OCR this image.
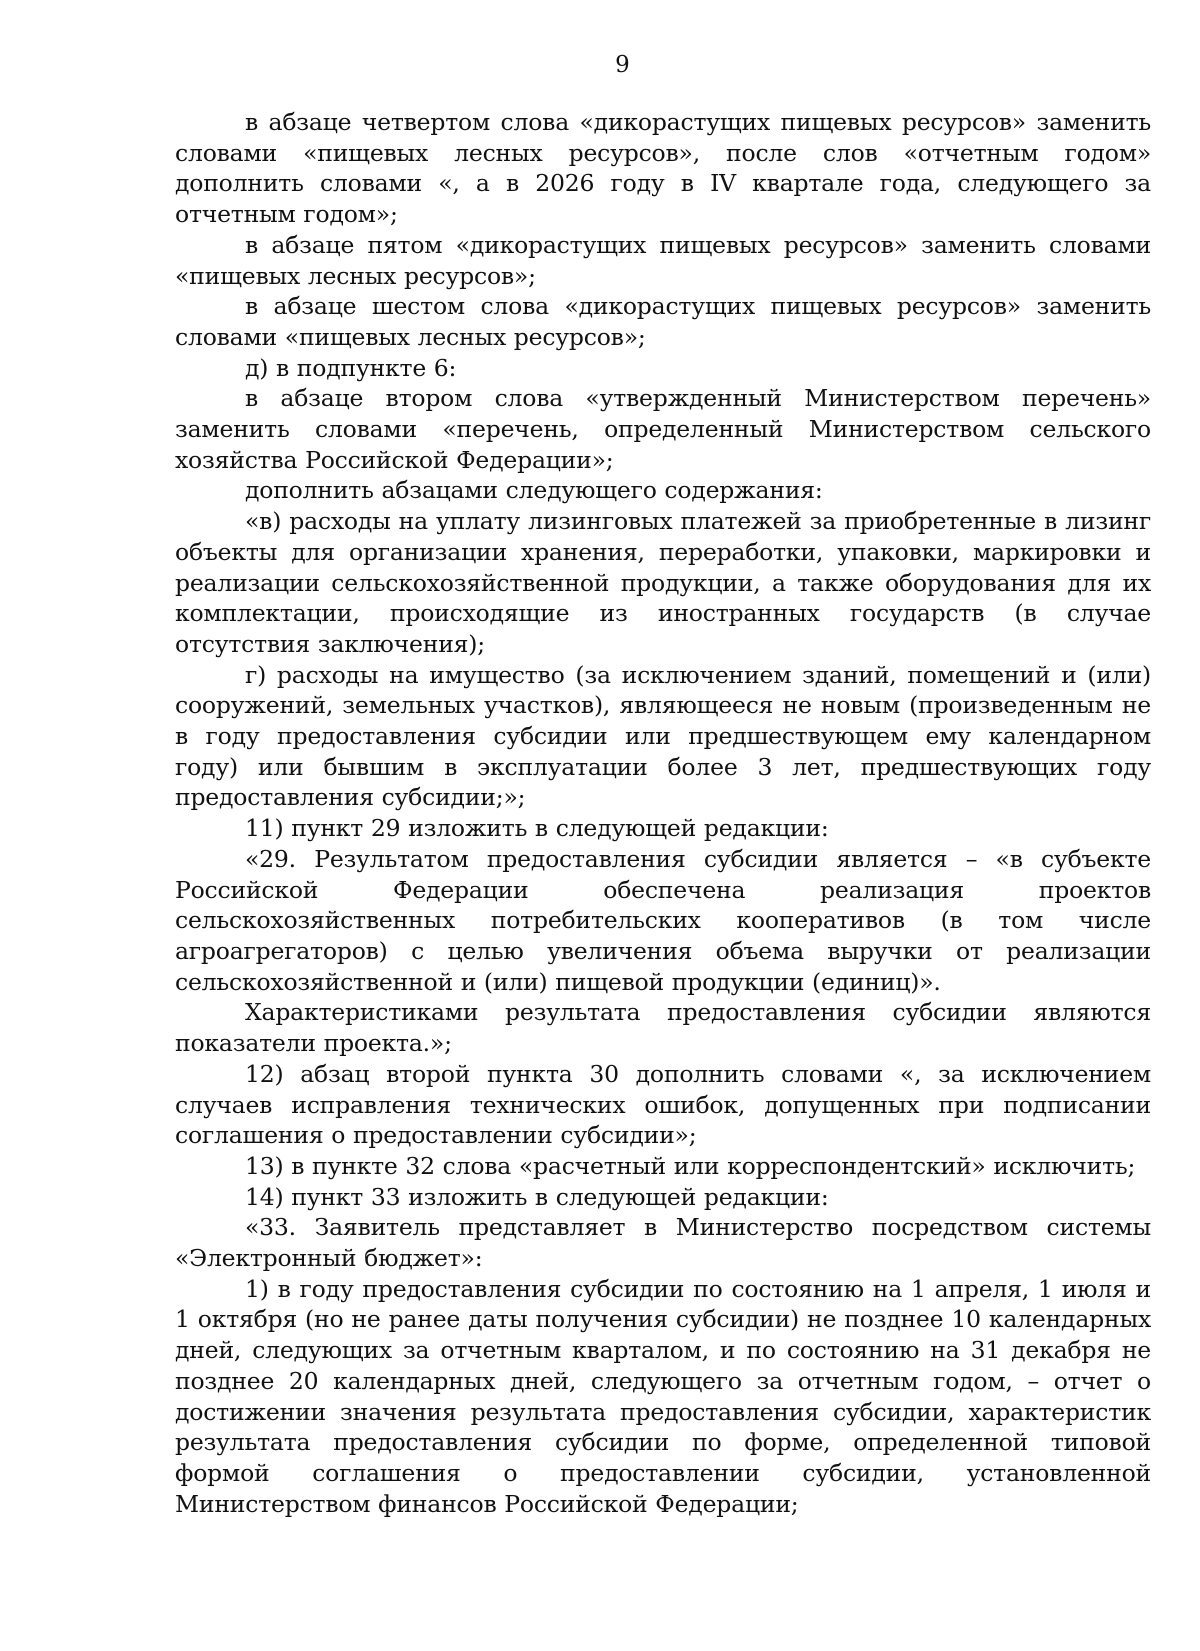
9

в абзаце четвертом слова «дикорастущих пищевых ресурсов» заменить словами «пищевых лесных ресурсов», после слов «отчетным годом» дополнить словами «, а в 2026 году в IV квартале года, следующего за отчетным годом»;

в абзаце пятом «дикорастущих пищевых ресурсов» заменить словами «пищевых лесных ресурсов»;

в абзаце шестом слова «дикорастущих пищевых ресурсов» заменить словами «пищевых лесных ресурсов»;

д) в подпункте 6:

в абзаце втором слова «утвержденный Министерством перечень» заменить словами «перечень, определенный Министерством сельского хозяйства Российской Федерации»;

дополнить абзацами следующего содержания:

«в) расходы на уплату лизинговых платежей за приобретенные в лизинг объекты для организации хранения, переработки, упаковки, маркировки и реализации сельскохозяйственной продукции, а также оборудования для их комплектации, происходящие из иностранных государств (в случае отсутствия заключения);

г) расходы на имущество (за исключением зданий, помещений и (или) сооружений, земельных участков), являющееся не новым (произведенным не в году предоставления субсидии или предшествующем ему календарном году) или бывшим в эксплуатации более 3 лет, предшествующих году предоставления субсидии;»;

11) пункт 29 изложить в следующей редакции:

«29. Результатом предоставления субсидии является – «в субъекте Российской Федерации обеспечена реализация проектов сельскохозяйственных потребительских кооперативов (в том числе агроагрегаторов) с целью увеличения объема выручки от реализации сельскохозяйственной и (или) пищевой продукции (единиц)».

Характеристиками результата предоставления субсидии являются показатели проекта.»;

12) абзац второй пункта 30 дополнить словами «, за исключением случаев исправления технических ошибок, допущенных при подписании соглашения о предоставлении субсидии»;

13) в пункте 32 слова «расчетный или корреспондентский» исключить;

14) пункт 33 изложить в следующей редакции:

«33. Заявитель представляет в Министерство посредством системы «Электронный бюджет»:

1) в году предоставления субсидии по состоянию на 1 апреля, 1 июля и 1 октября (но не ранее даты получения субсидии) не позднее 10 календарных дней, следующих за отчетным кварталом, и по состоянию на 31 декабря не позднее 20 календарных дней, следующего за отчетным годом, – отчет о достижении значения результата предоставления субсидии, характеристик результата предоставления субсидии по форме, определенной типовой формой соглашения о предоставлении субсидии, установленной Министерством финансов Российской Федерации;
